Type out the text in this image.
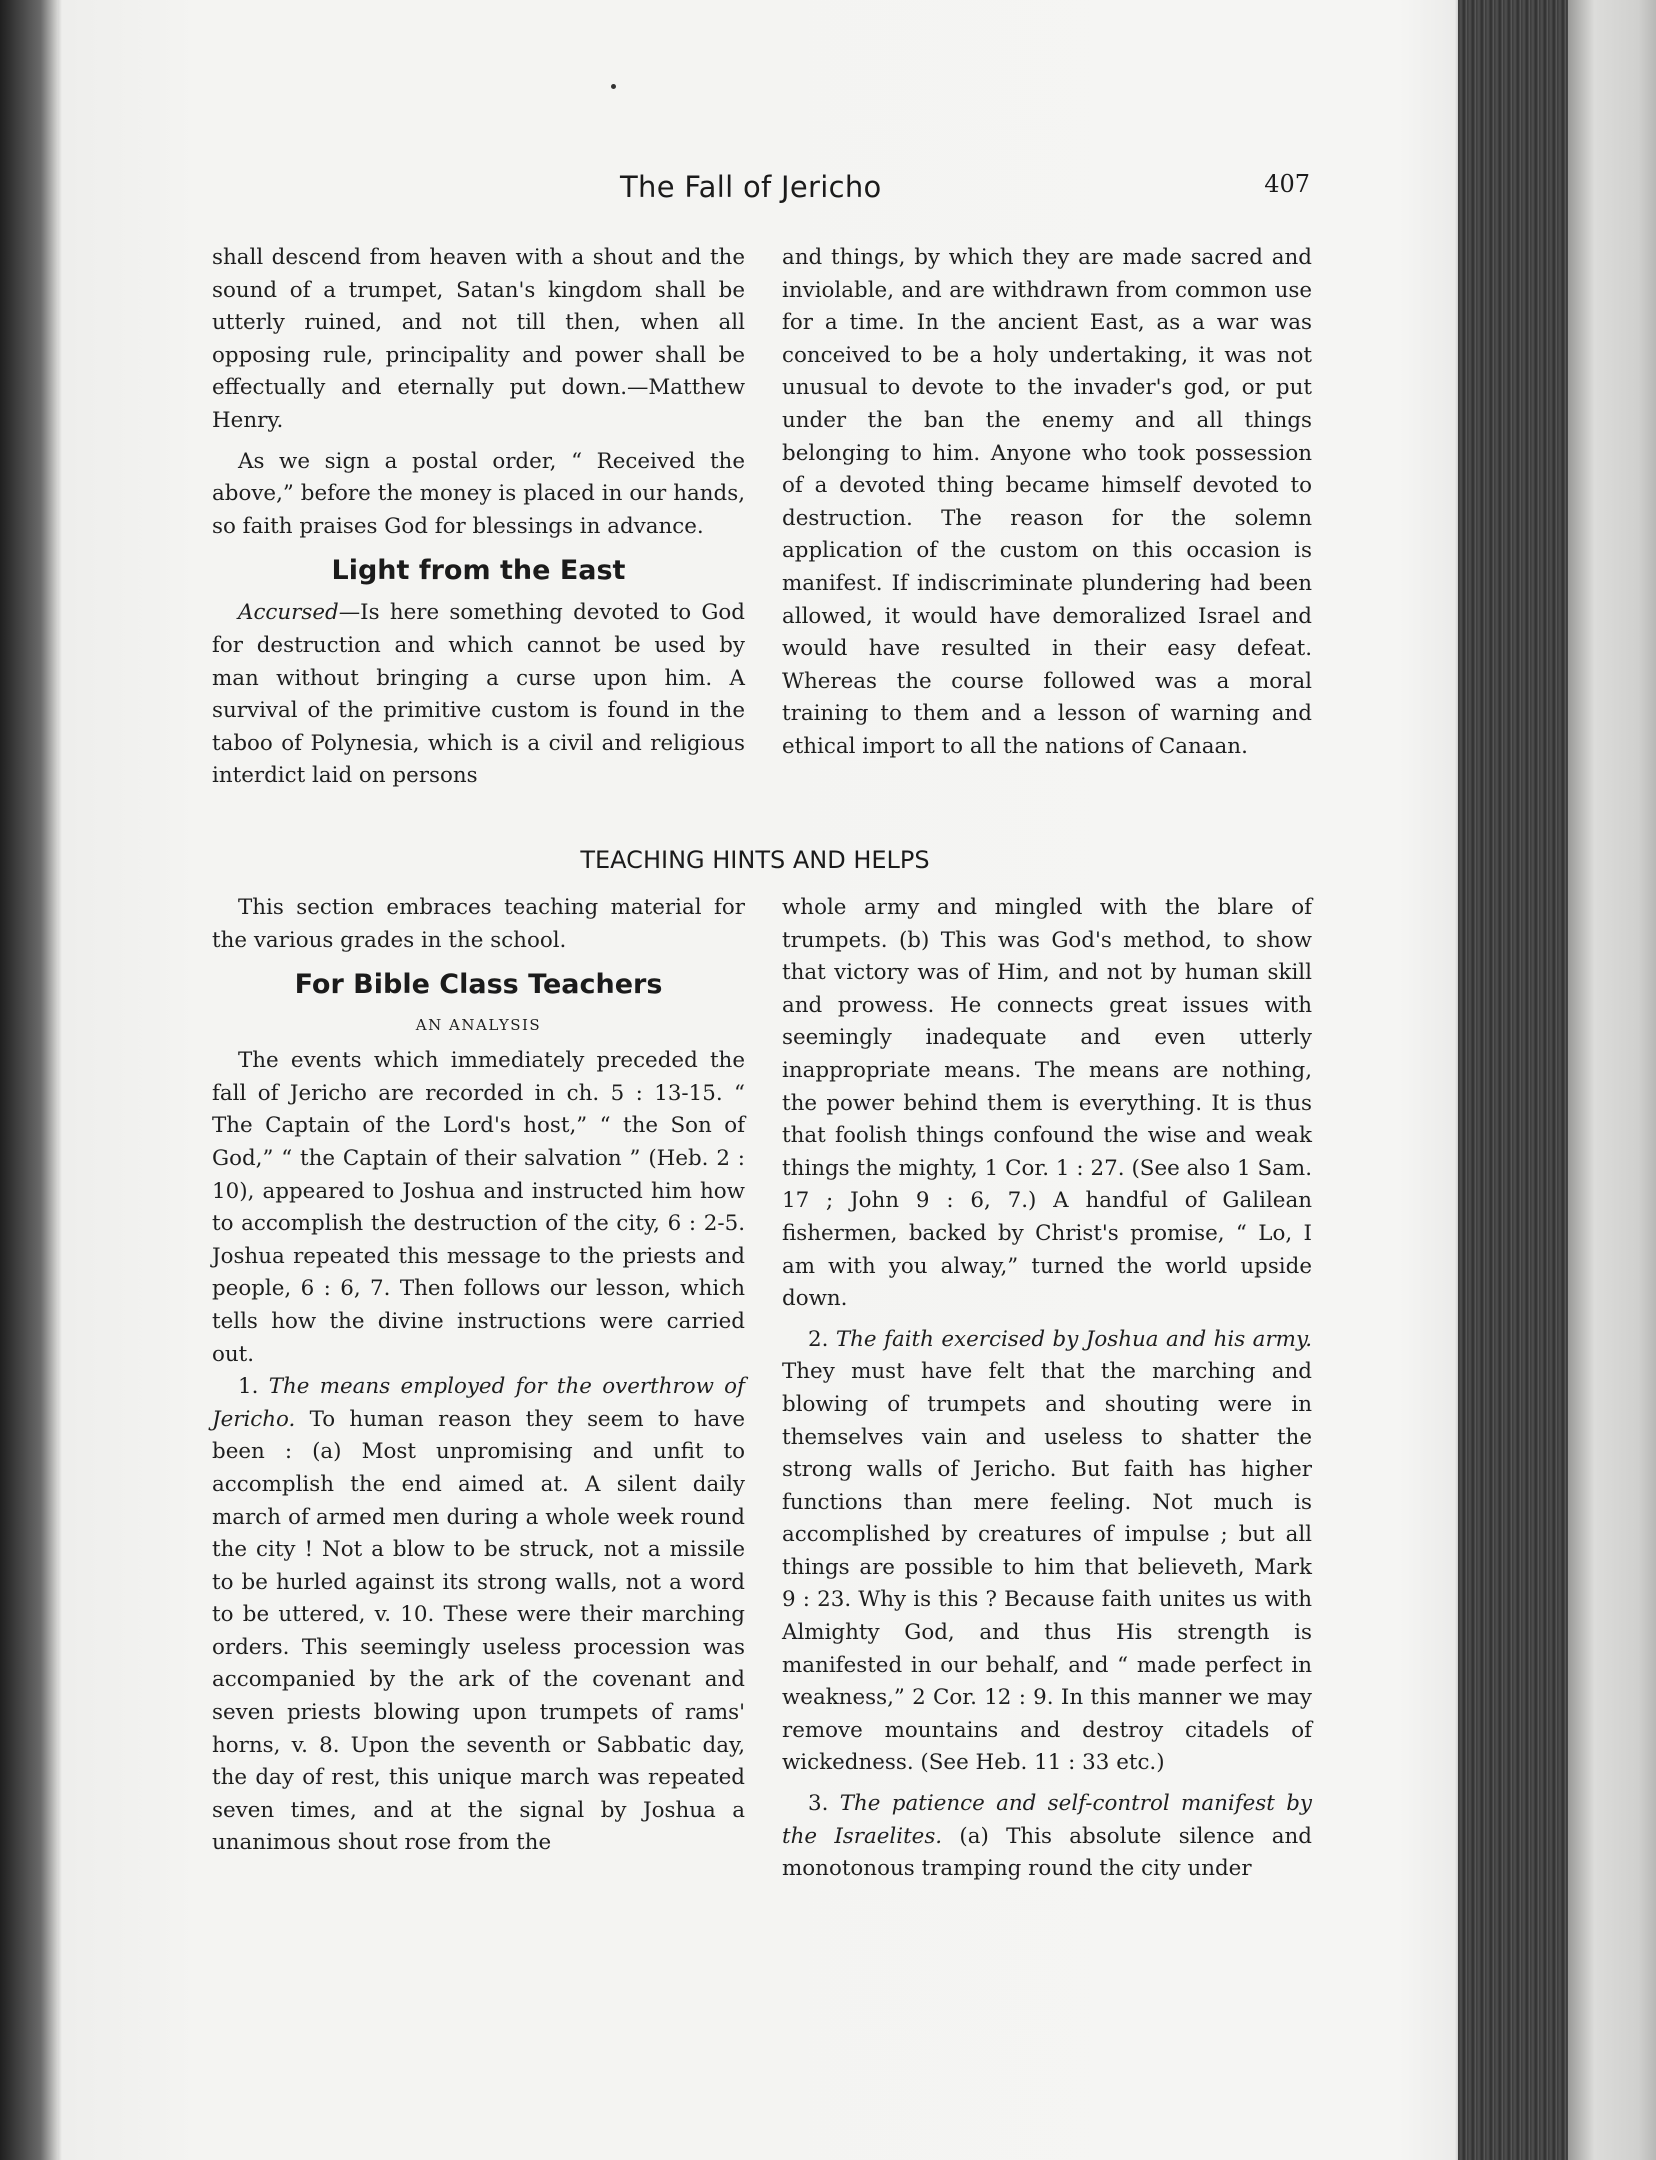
The Fall of Jericho	407

shall descend from heaven with a shout and the sound of a trumpet, Satan's kingdom shall be utterly ruined, and not till then, when all opposing rule, principality and power shall be effectually and eternally put down.—Matthew Henry.

As we sign a postal order, “ Received the above,” before the money is placed in our hands, so faith praises God for blessings in advance.

Light from the East

Accursed—Is here something devoted to God for destruction and which cannot be used by man without bringing a curse upon him. A survival of the primitive custom is found in the taboo of Polynesia, which is a civil and religious interdict laid on persons

and things, by which they are made sacred and inviolable, and are withdrawn from common use for a time. In the ancient East, as a war was conceived to be a holy undertaking, it was not unusual to devote to the invader's god, or put under the ban the enemy and all things belonging to him. Anyone who took possession of a devoted thing became himself devoted to destruction. The reason for the solemn application of the custom on this occasion is manifest. If indiscriminate plundering had been allowed, it would have demoralized Israel and would have resulted in their easy defeat. Whereas the course followed was a moral training to them and a lesson of warning and ethical import to all the nations of Canaan.

TEACHING HINTS AND HELPS

This section embraces teaching material for the various grades in the school.

For Bible Class Teachers
AN ANALYSIS

The events which immediately preceded the fall of Jericho are recorded in ch. 5 : 13-15. “ The Captain of the Lord's host,” “ the Son of God,” “ the Captain of their salvation ” (Heb. 2 : 10), appeared to Joshua and instructed him how to accomplish the destruction of the city, 6 : 2-5. Joshua repeated this message to the priests and people, 6 : 6, 7. Then follows our lesson, which tells how the divine instructions were carried out.

1. The means employed for the overthrow of Jericho. To human reason they seem to have been : (a) Most unpromising and unfit to accomplish the end aimed at. A silent daily march of armed men during a whole week round the city ! Not a blow to be struck, not a missile to be hurled against its strong walls, not a word to be uttered, v. 10. These were their marching orders. This seemingly useless procession was accompanied by the ark of the covenant and seven priests blowing upon trumpets of rams' horns, v. 8. Upon the seventh or Sabbatic day, the day of rest, this unique march was repeated seven times, and at the signal by Joshua a unanimous shout rose from the

whole army and mingled with the blare of trumpets. (b) This was God's method, to show that victory was of Him, and not by human skill and prowess. He connects great issues with seemingly inadequate and even utterly inappropriate means. The means are nothing, the power behind them is everything. It is thus that foolish things confound the wise and weak things the mighty, 1 Cor. 1 : 27. (See also 1 Sam. 17 ; John 9 : 6, 7.) A handful of Galilean fishermen, backed by Christ's promise, “ Lo, I am with you alway,” turned the world upside down.

2. The faith exercised by Joshua and his army. They must have felt that the marching and blowing of trumpets and shouting were in themselves vain and useless to shatter the strong walls of Jericho. But faith has higher functions than mere feeling. Not much is accomplished by creatures of impulse ; but all things are possible to him that believeth, Mark 9 : 23. Why is this ? Because faith unites us with Almighty God, and thus His strength is manifested in our behalf, and “ made perfect in weakness,” 2 Cor. 12 : 9. In this manner we may remove mountains and destroy citadels of wickedness. (See Heb. 11 : 33 etc.)

3. The patience and self-control manifest by the Israelites. (a) This absolute silence and monotonous tramping round the city under
